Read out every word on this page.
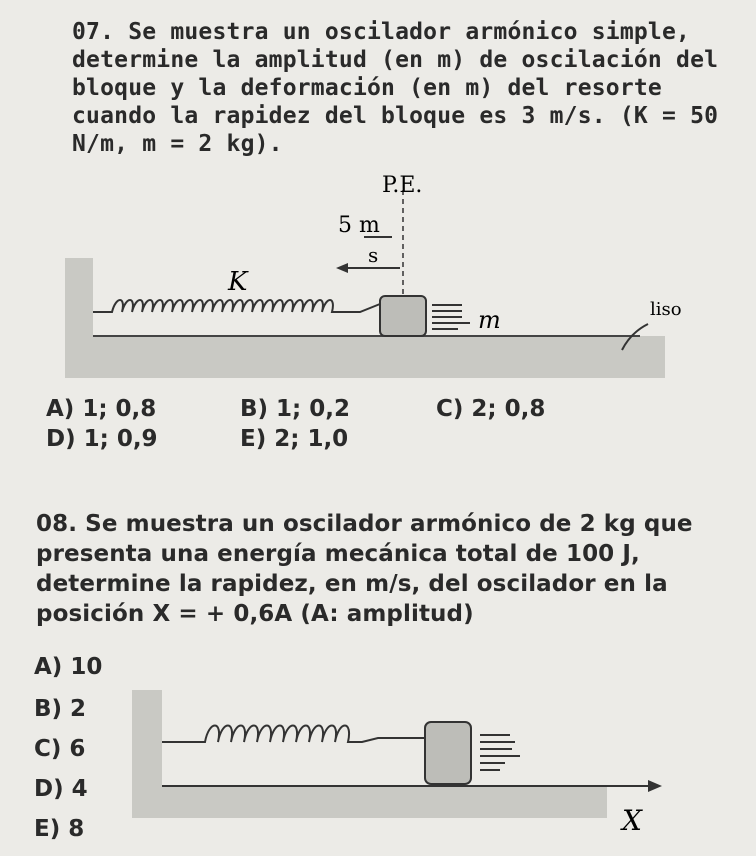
07. Se muestra un oscilador armónico simple,
determine la amplitud (en m) de oscilación del
bloque y la deformación (en m) del resorte
cuando la rapidez del bloque es 3 m/s. (K = 50
N/m, m = 2 kg).
P.E.
5 m
s
K
m	liso
A) 1; 0,8	B) 1; 0,2	C) 2; 0,8
D) 1; 0,9	E) 2; 1,0
08. Se muestra un oscilador armónico de 2 kg que
presenta una energía mecánica total de 100 J,
determine la rapidez, en m/s, del oscilador en la
posición X = + 0,6A (A: amplitud)
A) 10
B) 2
C) 6
D) 4
E) 8	X
